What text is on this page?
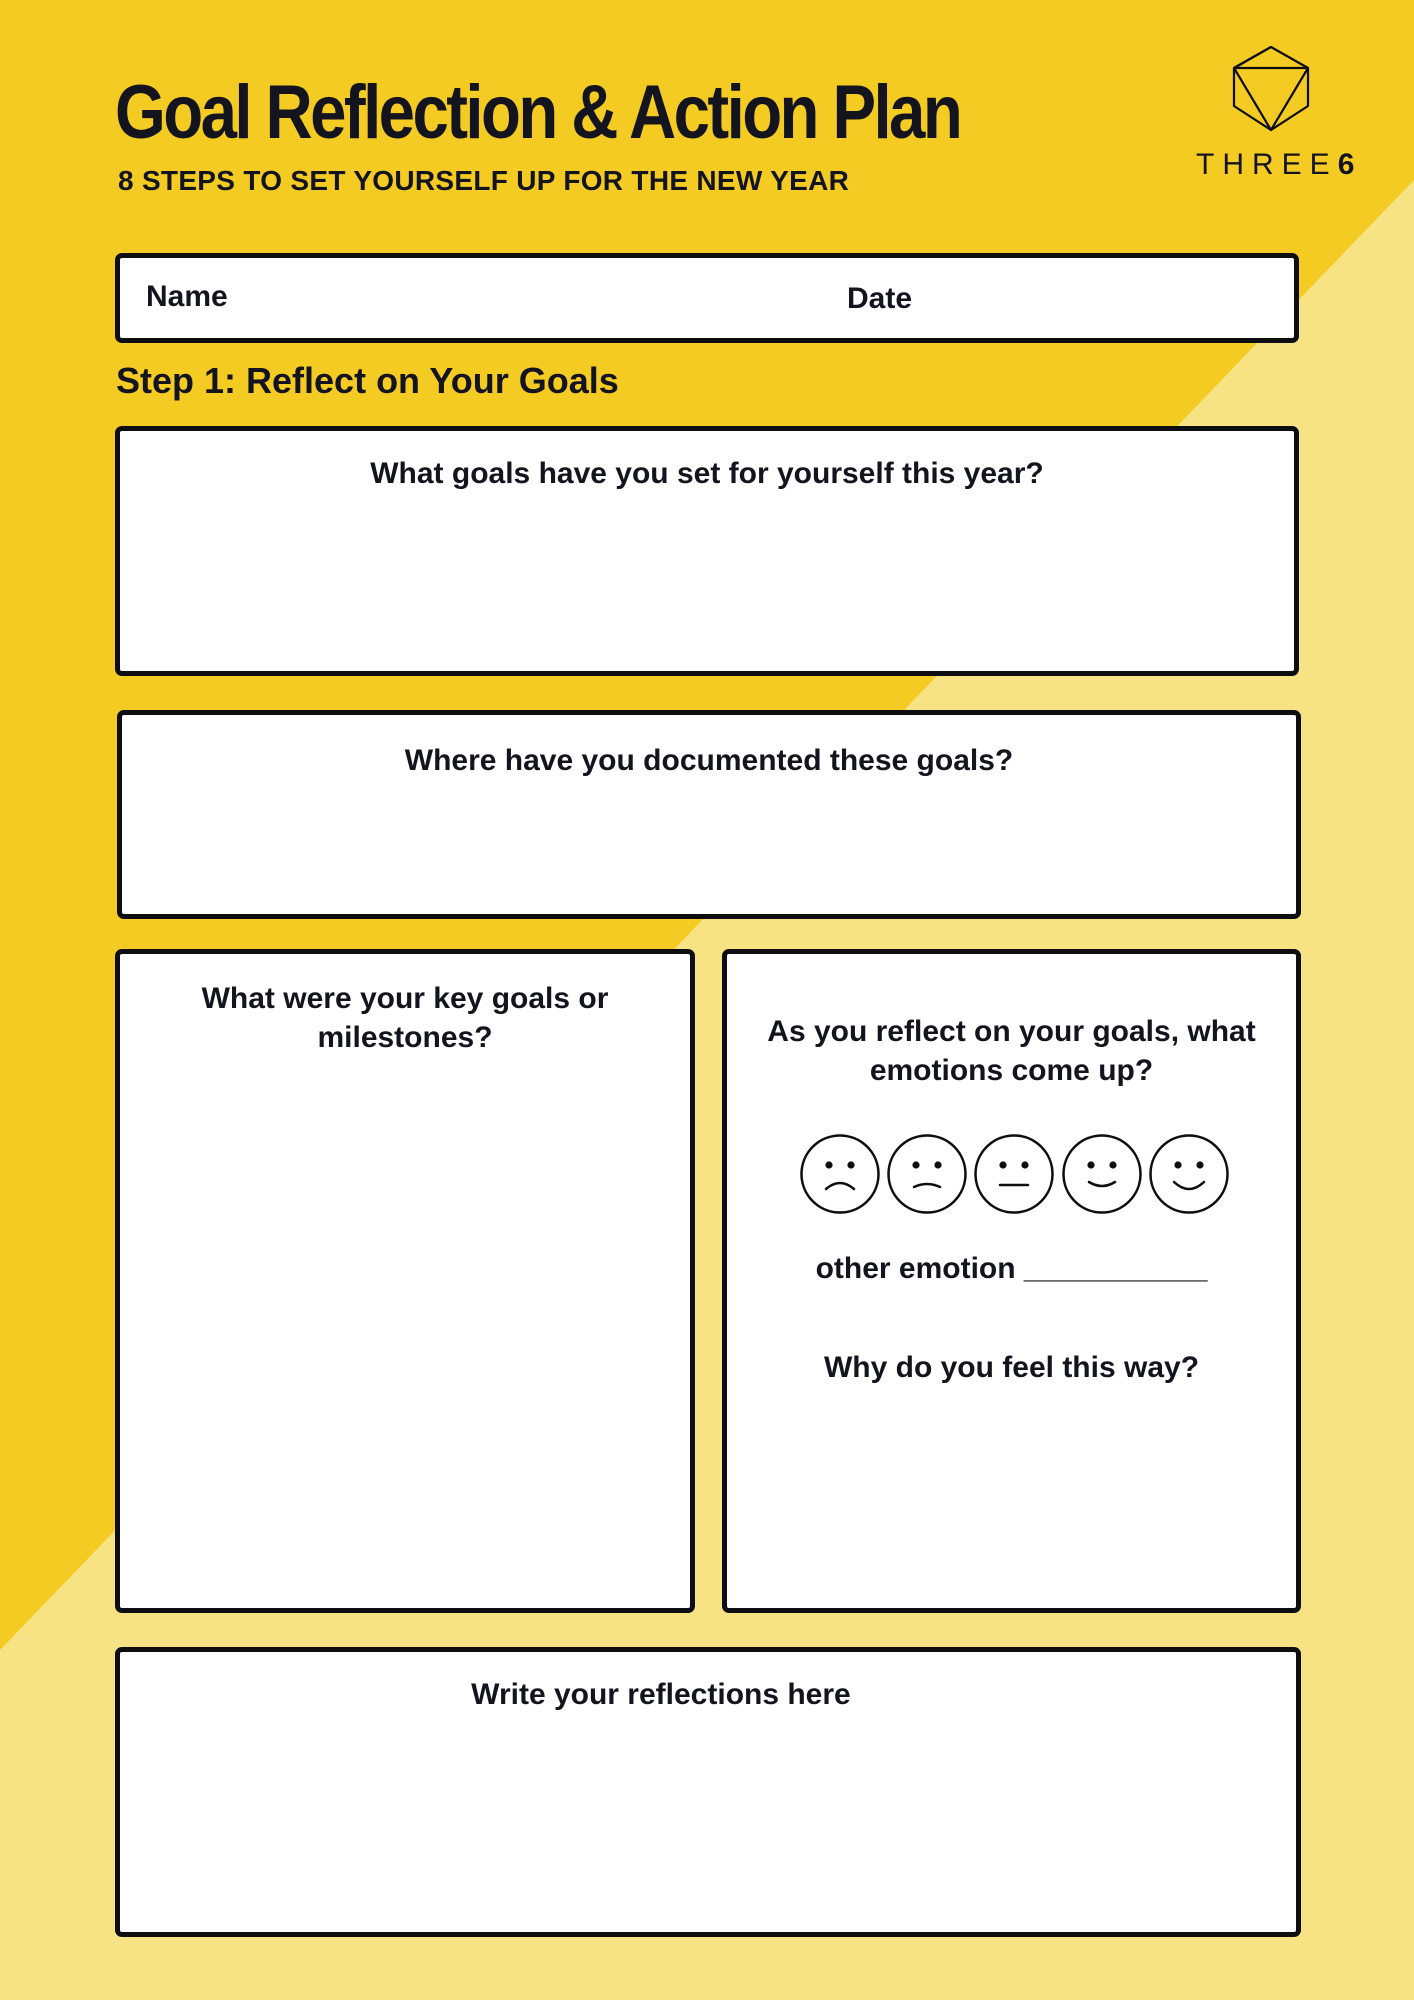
Goal Reflection & Action Plan
8 STEPS TO SET YOURSELF UP FOR THE NEW YEAR	THREE6
Name	Date
Step 1: Reflect on Your Goals
What goals have you set for yourself this year?
Where have you documented these goals?
What were your key goals or
milestones?	As you reflect on your goals, what
emotions come up?
other emotion ___________
Why do you feel this way?
Write your reflections here
